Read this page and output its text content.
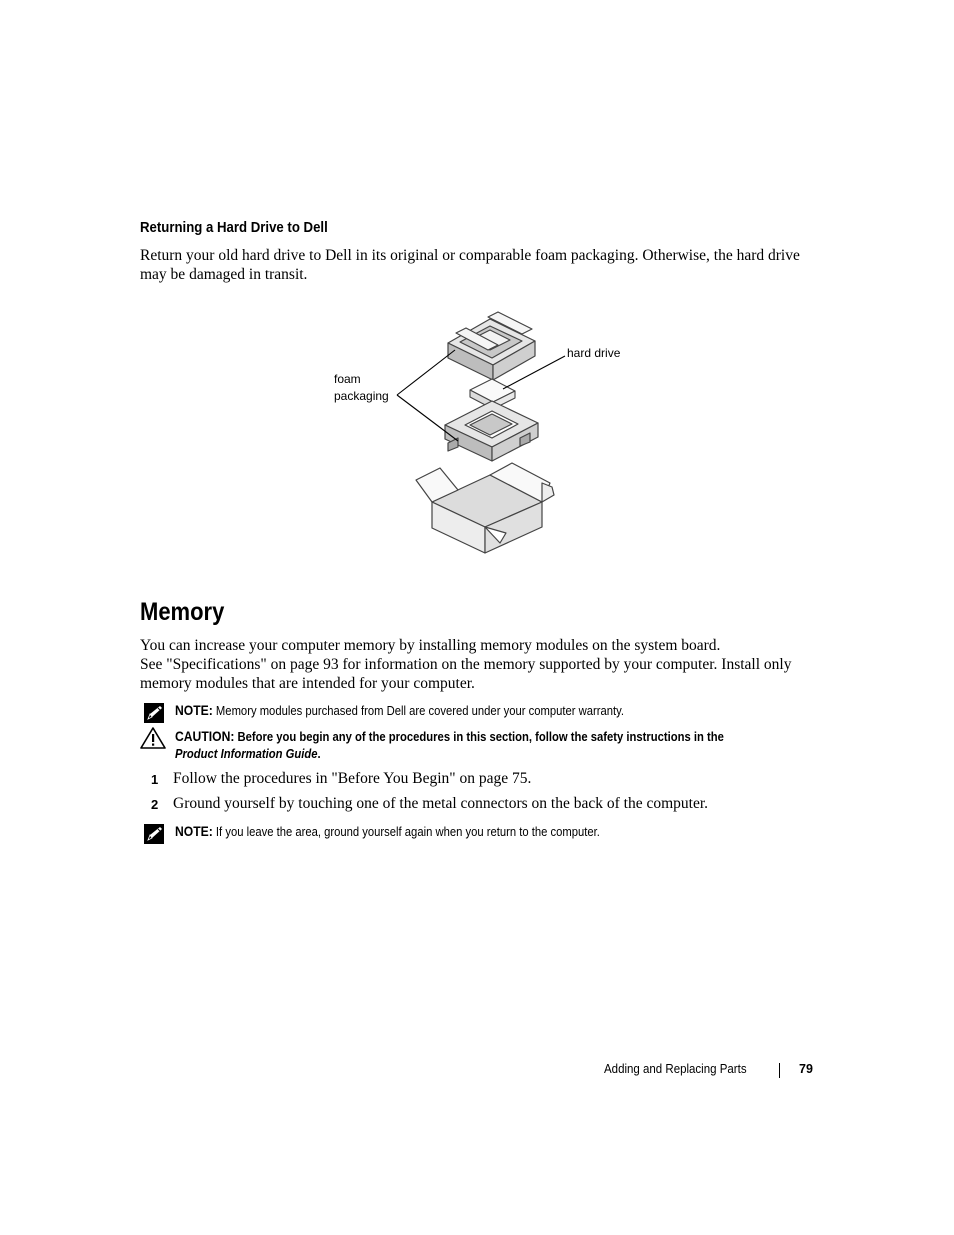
Returning a Hard Drive to Dell
Return your old hard drive to Dell in its original or comparable foam packaging. Otherwise, the hard drive may be damaged in transit.
hard drive
foam
packaging
Memory
You can increase your computer memory by installing memory modules on the system board.
See "Specifications" on page 93 for information on the memory supported by your computer. Install only memory modules that are intended for your computer.
NOTE: Memory modules purchased from Dell are covered under your computer warranty.
CAUTION: Before you begin any of the procedures in this section, follow the safety instructions in the
Product Information Guide.
1 Follow the procedures in "Before You Begin" on page 75.
2 Ground yourself by touching one of the metal connectors on the back of the computer.
NOTE: If you leave the area, ground yourself again when you return to the computer.
Adding and Replacing Parts	79
